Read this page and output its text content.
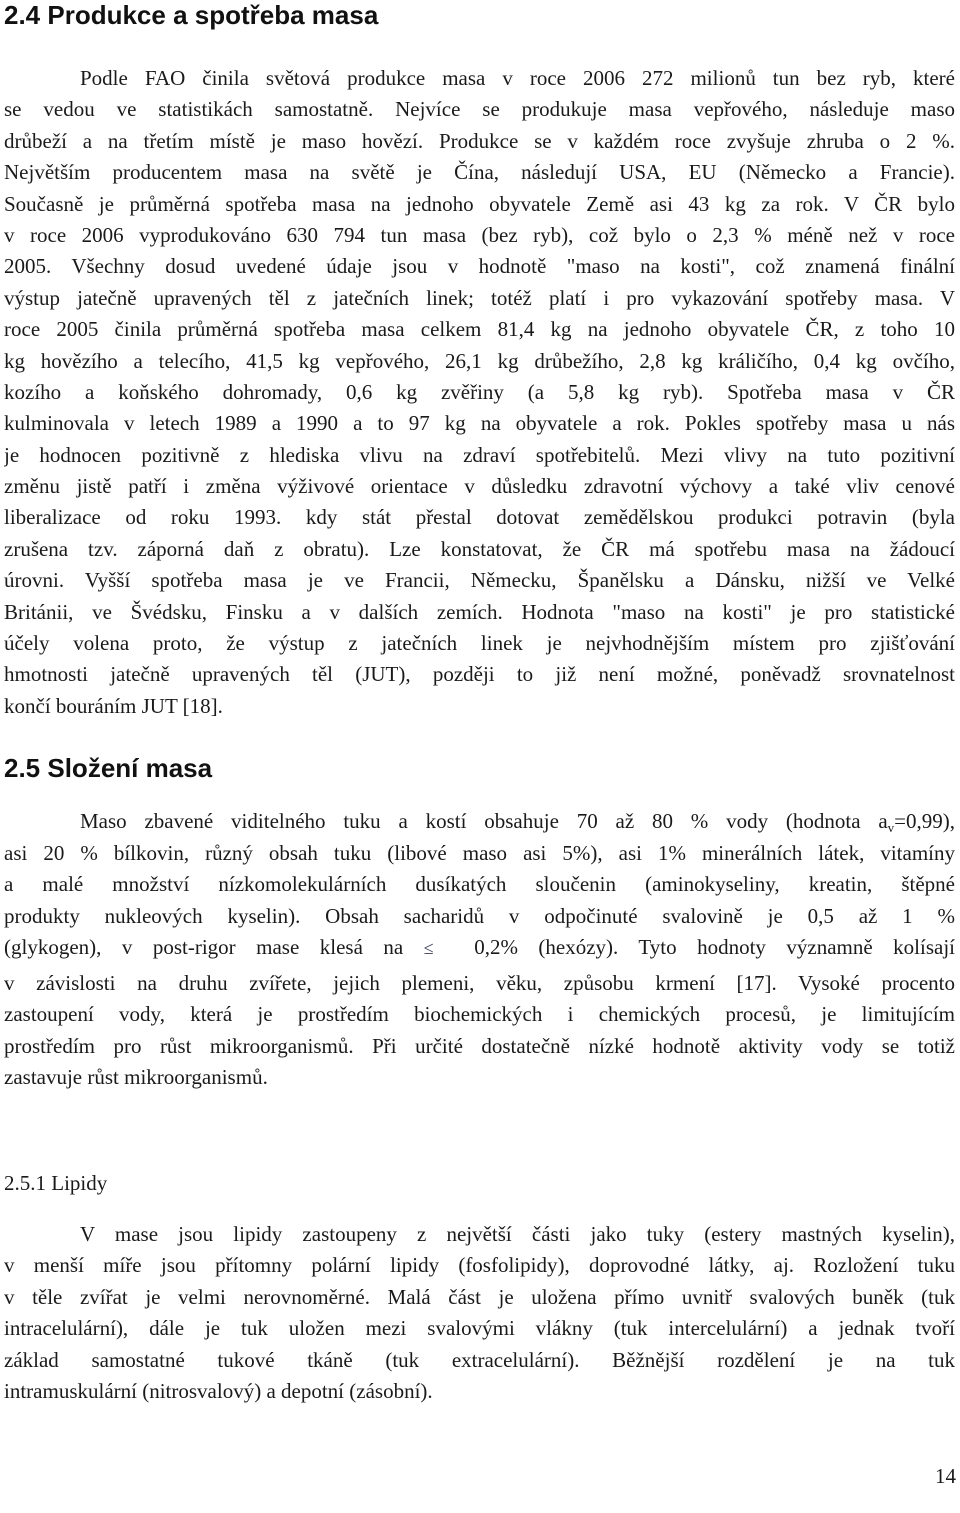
2.4 Produkce a spotřeba masa
Podle FAO činila světová produkce masa v roce 2006 272 milionů tun bez ryb, které
se vedou ve statistikách samostatně. Nejvíce se produkuje masa vepřového, následuje maso
drůbeží a na třetím místě je maso hovězí. Produkce se v každém roce zvyšuje zhruba o 2 %.
Největším producentem masa na světě je Čína, následují USA, EU (Německo a Francie).
Současně je průměrná spotřeba masa na jednoho obyvatele Země asi 43 kg za rok. V ČR bylo
v roce 2006 vyprodukováno 630 794 tun masa (bez ryb), což bylo o 2,3 % méně než v roce
2005. Všechny dosud uvedené údaje jsou v hodnotě "maso na kosti", což znamená finální
výstup jatečně upravených těl z jatečních linek; totéž platí i pro vykazování spotřeby masa. V
roce 2005 činila průměrná spotřeba masa celkem 81,4 kg na jednoho obyvatele ČR, z toho 10
kg hovězího a telecího, 41,5 kg vepřového, 26,1 kg drůbežího, 2,8 kg králičího, 0,4 kg ovčího,
kozího a koňského dohromady, 0,6 kg zvěřiny (a 5,8 kg ryb). Spotřeba masa v ČR
kulminovala v letech 1989 a 1990 a to 97 kg na obyvatele a rok. Pokles spotřeby masa u nás
je hodnocen pozitivně z hlediska vlivu na zdraví spotřebitelů. Mezi vlivy na tuto pozitivní
změnu jistě patří i změna výživové orientace v důsledku zdravotní výchovy a také vliv cenové
liberalizace od roku 1993. kdy stát přestal dotovat zemědělskou produkci potravin (byla
zrušena tzv. záporná daň z obratu). Lze konstatovat, že ČR má spotřebu masa na žádoucí
úrovni. Vyšší spotřeba masa je ve Francii, Německu, Španělsku a Dánsku, nižší ve Velké
Británii, ve Švédsku, Finsku a v dalších zemích. Hodnota "maso na kosti" je pro statistické
účely volena proto, že výstup z jatečních linek je nejvhodnějším místem pro zjišťování
hmotnosti jatečně upravených těl (JUT), později to již není možné, poněvadž srovnatelnost
končí bouráním JUT [18].
2.5 Složení masa
Maso zbavené viditelného tuku a kostí obsahuje 70 až 80 % vody (hodnota $a_v=0,99$),
asi 20 % bílkovin, různý obsah tuku (libové maso asi 5%), asi 1% minerálních látek, vitamíny
a malé množství nízkomolekulárních dusíkatých sloučenin (aminokyseliny, kreatin, štěpné
produkty nukleových kyselin). Obsah sacharidů v odpočinuté svalovině je 0,5 až 1 %
(glykogen), v post-rigor mase klesá na ≤ 0,2% (hexózy). Tyto hodnoty významně kolísají
v závislosti na druhu zvířete, jejich plemeni, věku, způsobu krmení [17]. Vysoké procento
zastoupení vody, která je prostředím biochemických i chemických procesů, je limitujícím
prostředím pro růst mikroorganismů. Při určité dostatečně nízké hodnotě aktivity vody se totiž
zastavuje růst mikroorganismů.
2.5.1 Lipidy
V mase jsou lipidy zastoupeny z největší části jako tuky (estery mastných kyselin),
v menší míře jsou přítomny polární lipidy (fosfolipidy), doprovodné látky, aj. Rozložení tuku
v těle zvířat je velmi nerovnoměrné. Malá část je uložena přímo uvnitř svalových buněk (tuk
intracelulární), dále je tuk uložen mezi svalovými vlákny (tuk intercelulární) a jednak tvoří
základ samostatné tukové tkáně (tuk extracelulární). Běžnější rozdělení je na tuk
intramuskulární (nitrosvalový) a depotní (zásobní).

14
